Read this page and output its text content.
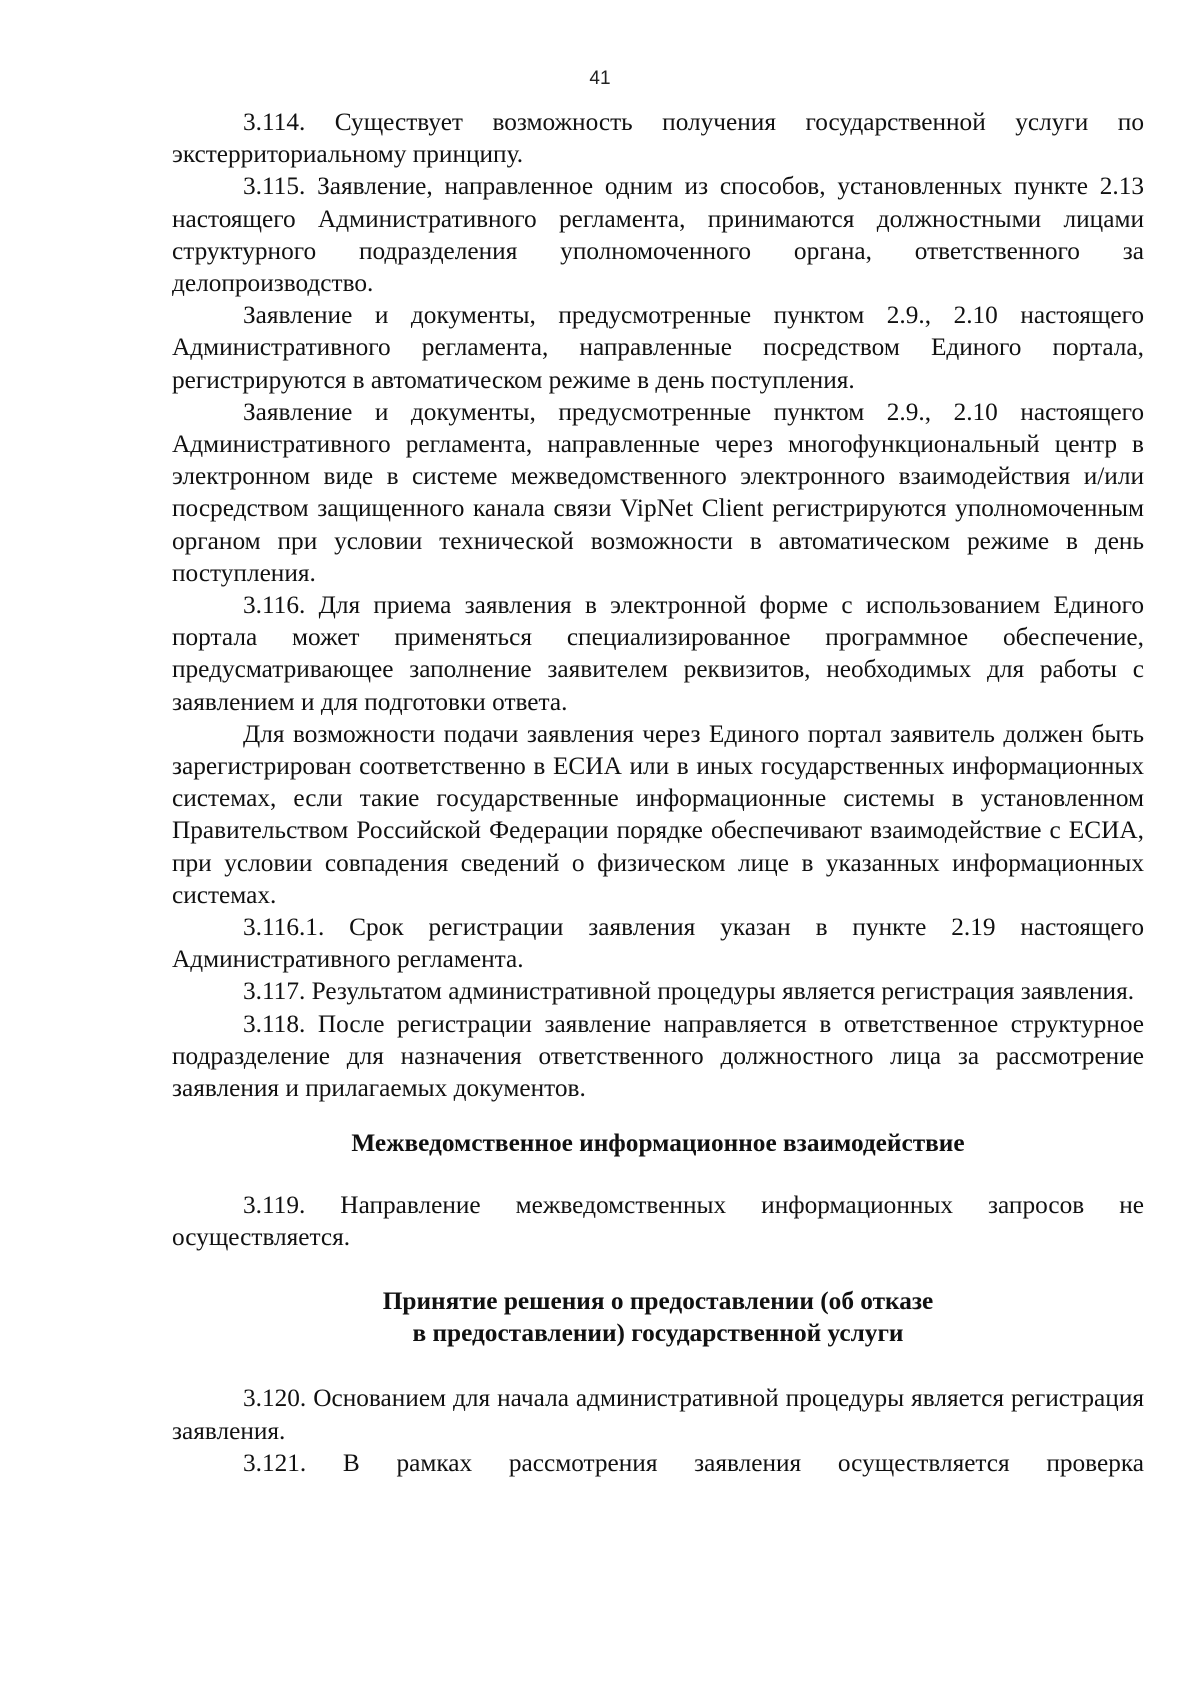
41

3.114. Существует возможность получения государственной услуги по экстерриториальному принципу.

3.115. Заявление, направленное одним из способов, установленных пункте 2.13 настоящего Административного регламента, принимаются должностными лицами структурного подразделения уполномоченного органа, ответственного за делопроизводство.

Заявление и документы, предусмотренные пунктом 2.9., 2.10 настоящего Административного регламента, направленные посредством Единого портала, регистрируются в автоматическом режиме в день поступления.

Заявление и документы, предусмотренные пунктом 2.9., 2.10 настоящего Административного регламента, направленные через многофункциональный центр в электронном виде в системе межведомственного электронного взаимодействия и/или посредством защищенного канала связи VipNet Client регистрируются уполномоченным органом при условии технической возможности в автоматическом режиме в день поступления.

3.116. Для приема заявления в электронной форме с использованием Единого портала может применяться специализированное программное обеспечение, предусматривающее заполнение заявителем реквизитов, необходимых для работы с заявлением и для подготовки ответа.

Для возможности подачи заявления через Единого портал заявитель должен быть зарегистрирован соответственно в ЕСИА или в иных государственных информационных системах, если такие государственные информационные системы в установленном Правительством Российской Федерации порядке обеспечивают взаимодействие с ЕСИА, при условии совпадения сведений о физическом лице в указанных информационных системах.

3.116.1. Срок регистрации заявления указан в пункте 2.19 настоящего Административного регламента.

3.117. Результатом административной процедуры является регистрация заявления.

3.118. После регистрации заявление направляется в ответственное структурное подразделение для назначения ответственного должностного лица за рассмотрение заявления и прилагаемых документов.

Межведомственное информационное взаимодействие

3.119. Направление межведомственных информационных запросов не осуществляется.

Принятие решения о предоставлении (об отказе

в предоставлении) государственной услуги

3.120. Основанием для начала административной процедуры является регистрация заявления.

3.121. В рамках рассмотрения заявления осуществляется проверка
